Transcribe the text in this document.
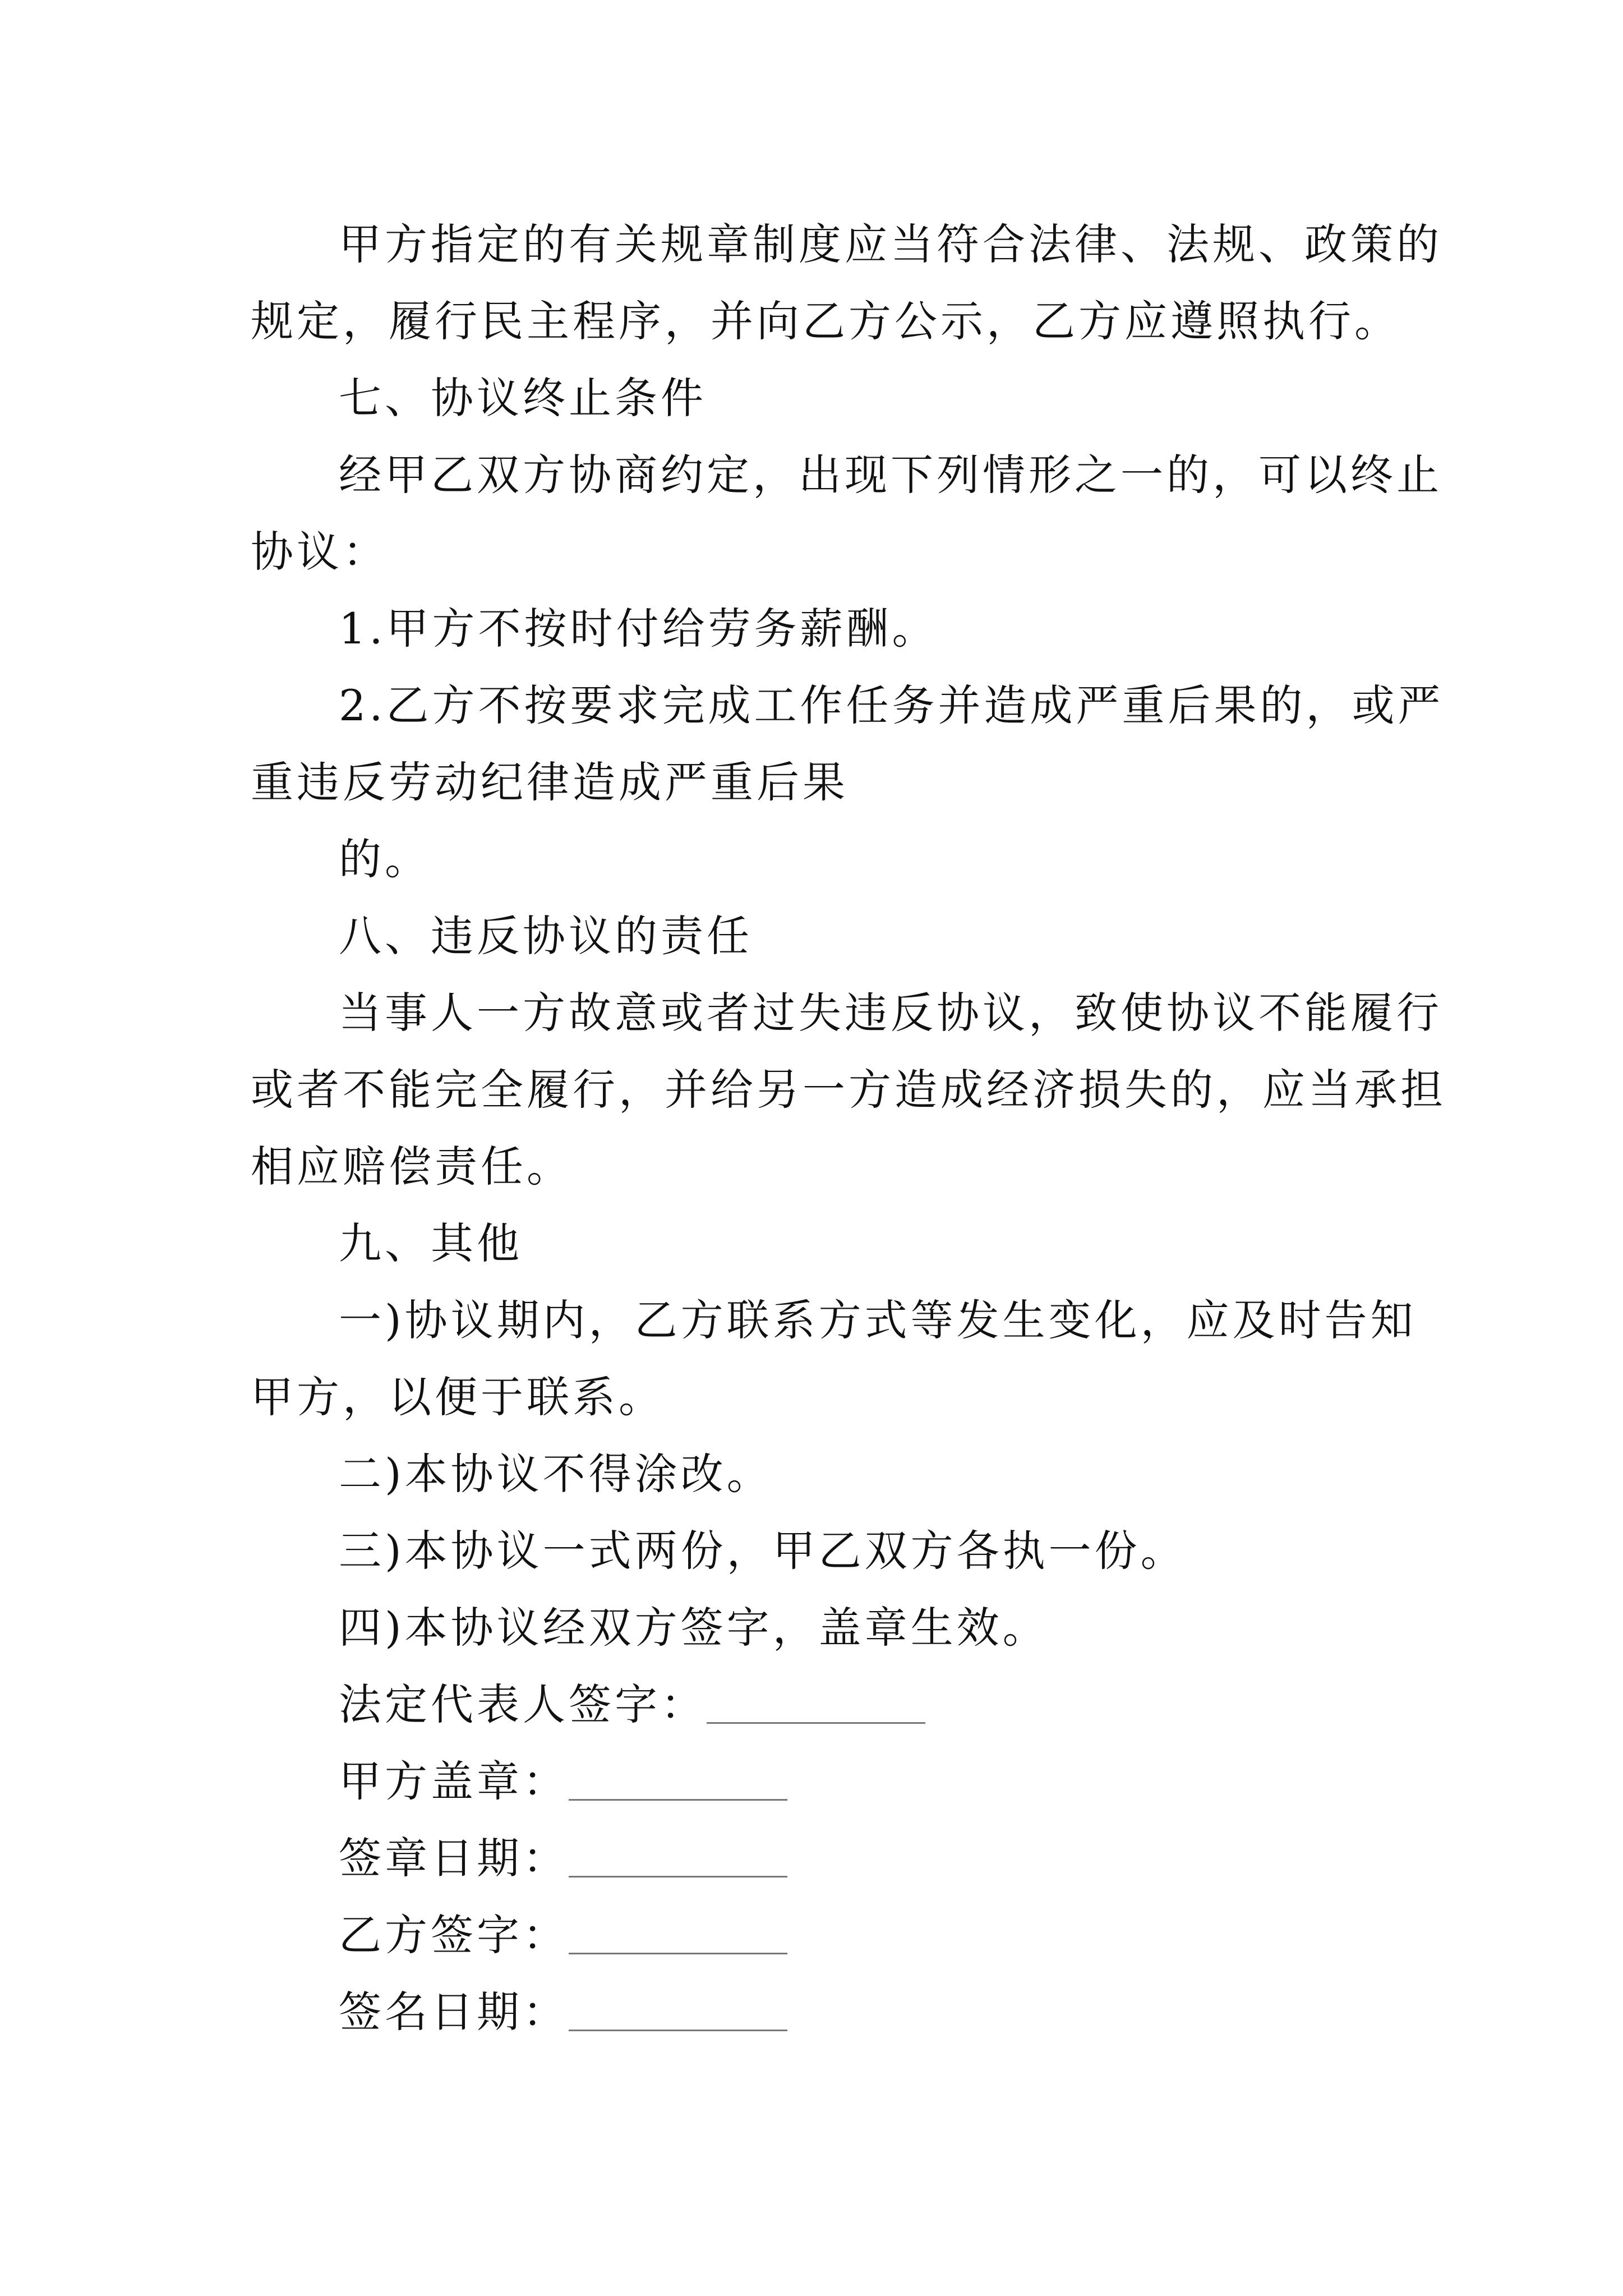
甲方指定的有关规章制度应当符合法律、法规、政策的
规定，履行民主程序，并向乙方公示，乙方应遵照执行。
七、协议终止条件
经甲乙双方协商约定，出现下列情形之一的，可以终止
协议：
1.甲方不按时付给劳务薪酬。
2.乙方不按要求完成工作任务并造成严重后果的，或严
重违反劳动纪律造成严重后果
的。
八、违反协议的责任
当事人一方故意或者过失违反协议，致使协议不能履行
或者不能完全履行，并给另一方造成经济损失的，应当承担
相应赔偿责任。
九、其他
一)协议期内，乙方联系方式等发生变化，应及时告知
甲方，以便于联系。
二)本协议不得涂改。
三)本协议一式两份，甲乙双方各执一份。
四)本协议经双方签字，盖章生效。
法定代表人签字：
甲方盖章：
签章日期：
乙方签字：
签名日期：
